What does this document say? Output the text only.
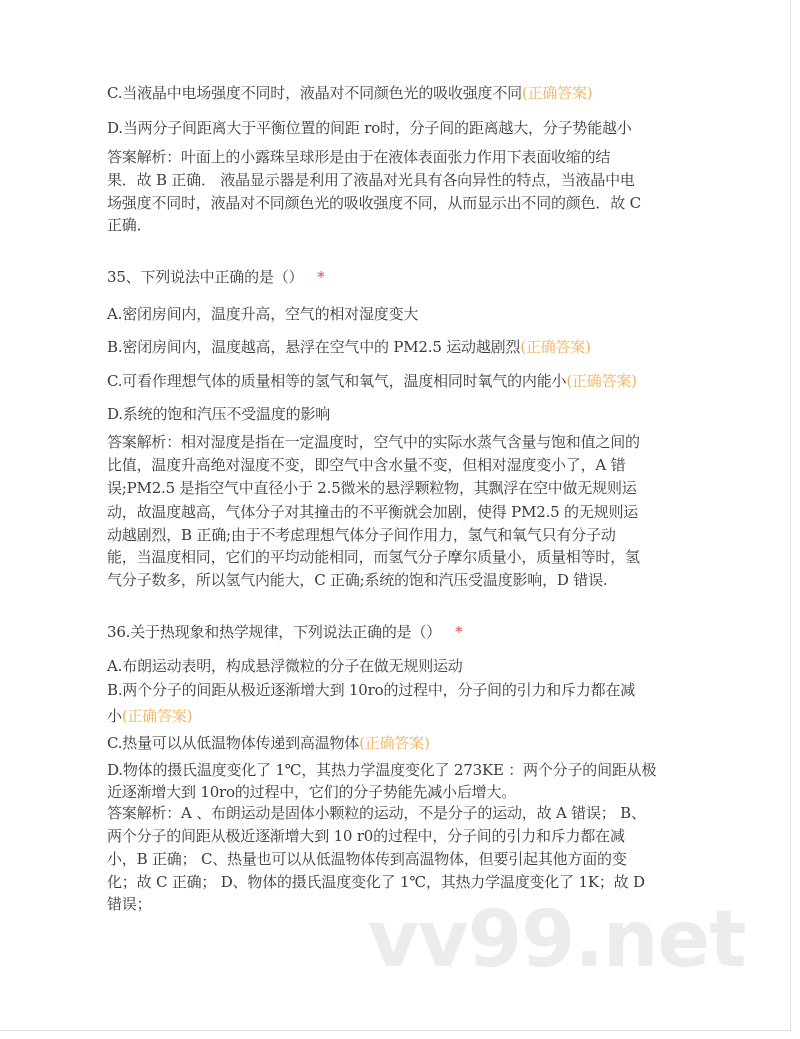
C.当液晶中电场强度不同时，液晶对不同颜色光的吸收强度不同(正确答案)
D.当两分子间距离大于平衡位置的间距 ro时，分子间的距离越大，分子势能越小
答案解析：叶面上的小露珠呈球形是由于在液体表面张力作用下表面收缩的结
果．故 B 正确． 液晶显示器是利用了液晶对光具有各向异性的特点，当液晶中电
场强度不同时，液晶对不同颜色光的吸收强度不同，从而显示出不同的颜色．故 C
正确．
35、下列说法中正确的是（） *
A.密闭房间内，温度升高，空气的相对湿度变大
B.密闭房间内，温度越高，悬浮在空气中的 PM2.5 运动越剧烈(正确答案)
C.可看作理想气体的质量相等的氢气和氧气，温度相同时氧气的内能小(正确答案)
D.系统的饱和汽压不受温度的影响
答案解析：相对湿度是指在一定温度时，空气中的实际水蒸气含量与饱和值之间的
比值，温度升高绝对湿度不变，即空气中含水量不变，但相对湿度变小了，A 错
误;PM2.5 是指空气中直径小于 2.5微米的悬浮颗粒物，其飘浮在空中做无规则运
动，故温度越高，气体分子对其撞击的不平衡就会加剧，使得 PM2.5 的无规则运
动越剧烈，B 正确;由于不考虑理想气体分子间作用力，氢气和氧气只有分子动
能，当温度相同，它们的平均动能相同，而氢气分子摩尔质量小，质量相等时，氢
气分子数多，所以氢气内能大，C 正确;系统的饱和汽压受温度影响，D 错误.
36.关于热现象和热学规律，下列说法正确的是（） *
A.布朗运动表明，构成悬浮微粒的分子在做无规则运动
B.两个分子的间距从极近逐渐增大到 10ro的过程中，分子间的引力和斥力都在减
小(正确答案)
C.热量可以从低温物体传递到高温物体(正确答案)
D.物体的摄氏温度变化了 1℃，其热力学温度变化了 273KE ：两个分子的间距从极
近逐渐增大到 10ro的过程中，它们的分子势能先减小后增大。
答案解析：A 、布朗运动是固体小颗粒的运动，不是分子的运动，故 A 错误； B、
两个分子的间距从极近逐渐增大到 10 r0的过程中，分子间的引力和斥力都在减
小，B 正确； C、热量也可以从低温物体传到高温物体，但要引起其他方面的变
化；故 C 正确； D、物体的摄氏温度变化了 1℃，其热力学温度变化了 1K；故 D
错误；	vv99.net
